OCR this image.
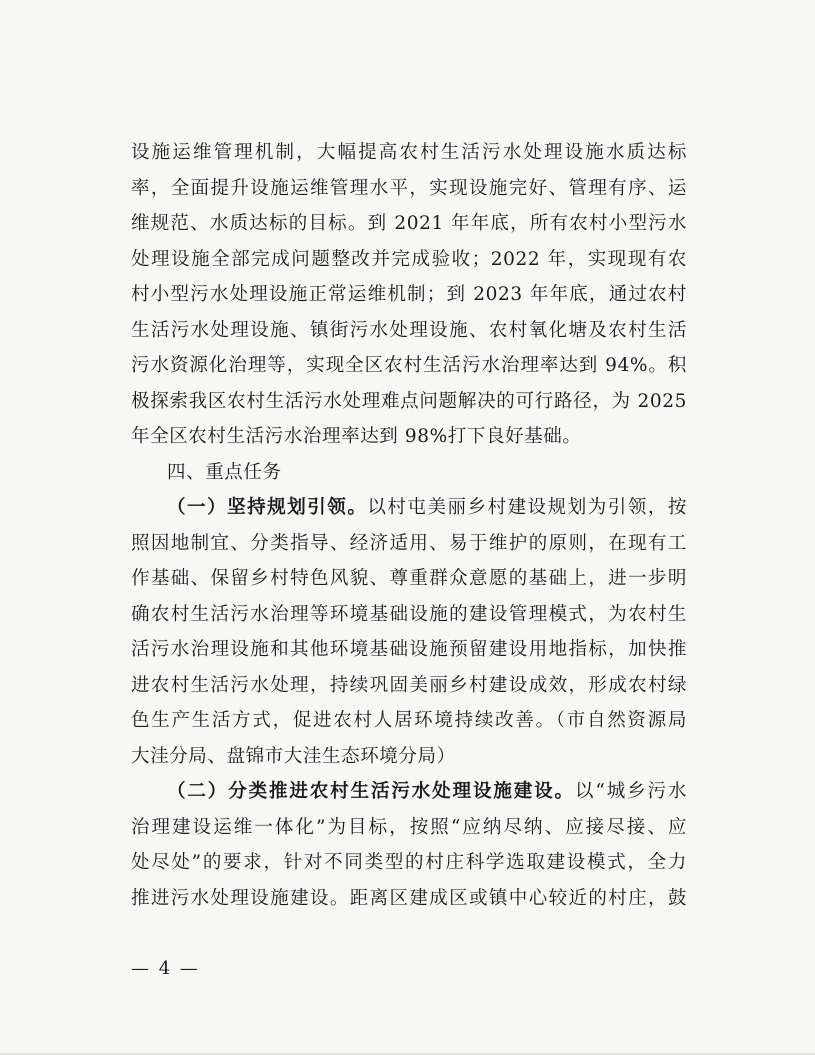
设施运维管理机制，大幅提高农村生活污水处理设施水质达标
率，全面提升设施运维管理水平，实现设施完好、管理有序、运
维规范、水质达标的目标。到 2021 年年底，所有农村小型污水
处理设施全部完成问题整改并完成验收；2022 年，实现现有农
村小型污水处理设施正常运维机制；到 2023 年年底，通过农村
生活污水处理设施、镇街污水处理设施、农村氧化塘及农村生活
污水资源化治理等，实现全区农村生活污水治理率达到 94%。积
极探索我区农村生活污水处理难点问题解决的可行路径，为 2025
年全区农村生活污水治理率达到 98%打下良好基础。
四、重点任务
（一）坚持规划引领。以村屯美丽乡村建设规划为引领，按
照因地制宜、分类指导、经济适用、易于维护的原则，在现有工
作基础、保留乡村特色风貌、尊重群众意愿的基础上，进一步明
确农村生活污水治理等环境基础设施的建设管理模式，为农村生
活污水治理设施和其他环境基础设施预留建设用地指标，加快推
进农村生活污水处理，持续巩固美丽乡村建设成效，形成农村绿
色生产生活方式，促进农村人居环境持续改善。（市自然资源局
大洼分局、盘锦市大洼生态环境分局）
（二）分类推进农村生活污水处理设施建设。以“城乡污水
治理建设运维一体化”为目标，按照“应纳尽纳、应接尽接、应
处尽处”的要求，针对不同类型的村庄科学选取建设模式，全力
推进污水处理设施建设。距离区建成区或镇中心较近的村庄，鼓
— 4 —
